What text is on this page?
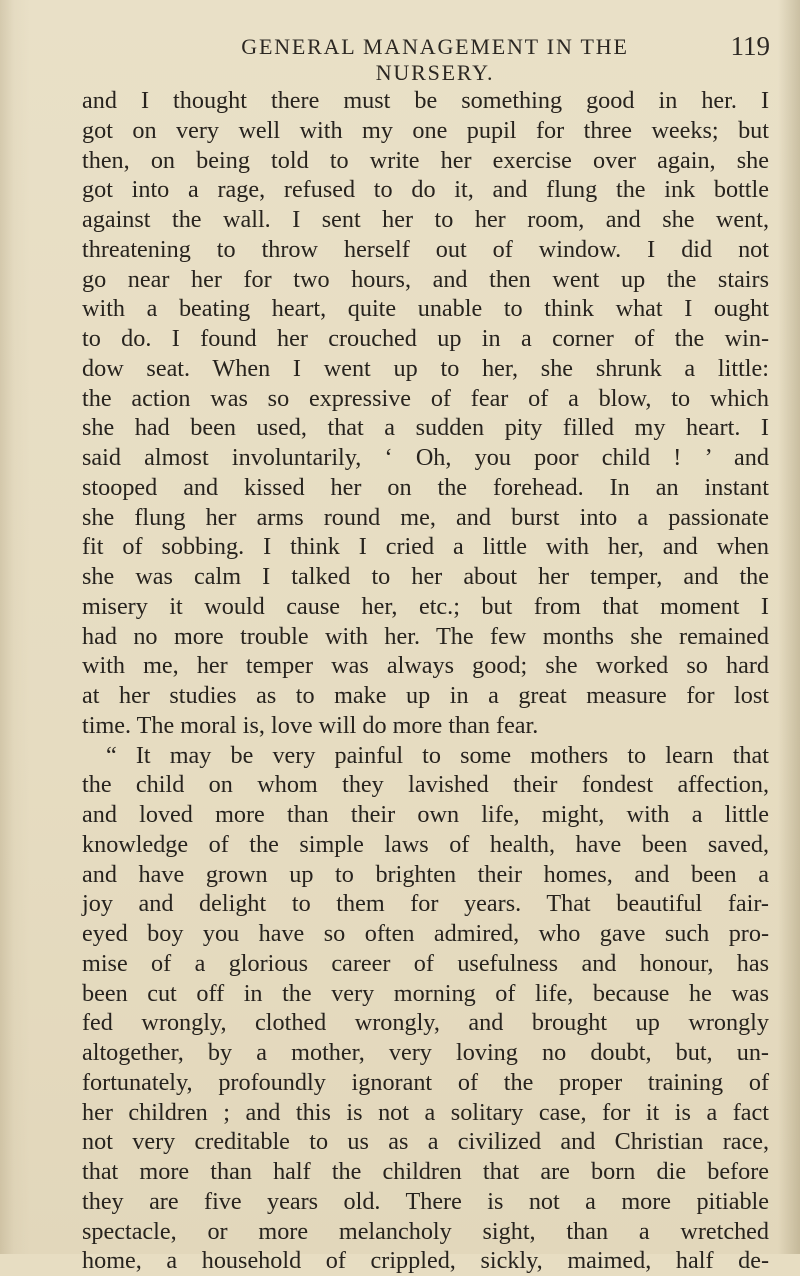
GENERAL MANAGEMENT IN THE NURSERY.
119
and I thought there must be something good in her. I
got on very well with my one pupil for three weeks; but
then, on being told to write her exercise over again, she
got into a rage, refused to do it, and flung the ink bottle
against the wall. I sent her to her room, and she went,
threatening to throw herself out of window. I did not
go near her for two hours, and then went up the stairs
with a beating heart, quite unable to think what I ought
to do. I found her crouched up in a corner of the win-
dow seat. When I went up to her, she shrunk a little:
the action was so expressive of fear of a blow, to which
she had been used, that a sudden pity filled my heart. I
said almost involuntarily, ‘ Oh, you poor child ! ’ and
stooped and kissed her on the forehead. In an instant
she flung her arms round me, and burst into a passionate
fit of sobbing. I think I cried a little with her, and when
she was calm I talked to her about her temper, and the
misery it would cause her, etc.; but from that moment I
had no more trouble with her. The few months she remained
with me, her temper was always good; she worked so hard
at her studies as to make up in a great measure for lost
time. The moral is, love will do more than fear.
“ It may be very painful to some mothers to learn that
the child on whom they lavished their fondest affection,
and loved more than their own life, might, with a little
knowledge of the simple laws of health, have been saved,
and have grown up to brighten their homes, and been a
joy and delight to them for years. That beautiful fair-
eyed boy you have so often admired, who gave such pro-
mise of a glorious career of usefulness and honour, has
been cut off in the very morning of life, because he was
fed wrongly, clothed wrongly, and brought up wrongly
altogether, by a mother, very loving no doubt, but, un-
fortunately, profoundly ignorant of the proper training of
her children ; and this is not a solitary case, for it is a fact
not very creditable to us as a civilized and Christian race,
that more than half the children that are born die before
they are five years old. There is not a more pitiable
spectacle, or more melancholy sight, than a wretched
home, a household of crippled, sickly, maimed, half de-
